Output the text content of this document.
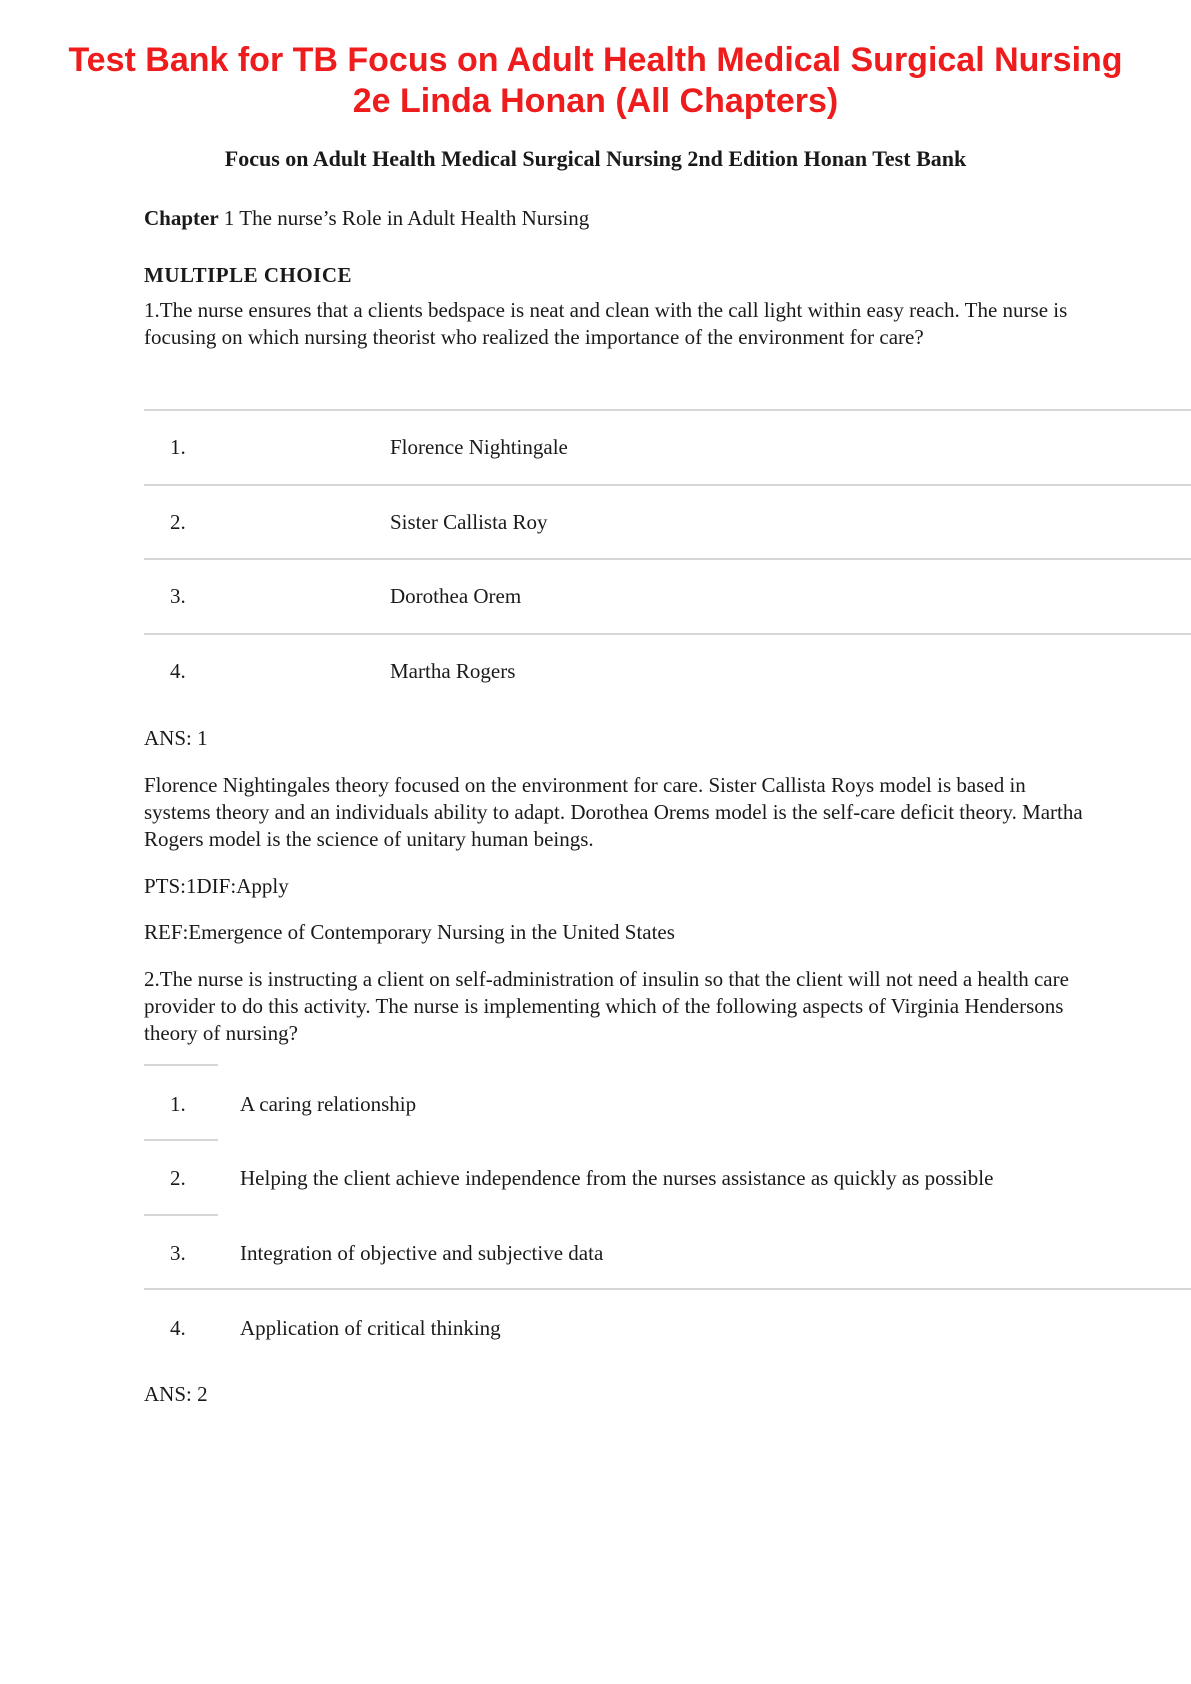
Test Bank for TB Focus on Adult Health Medical Surgical Nursing 2e Linda Honan (All Chapters)

Focus on Adult Health Medical Surgical Nursing 2nd Edition Honan Test Bank

Chapter 1 The nurse’s Role in Adult Health Nursing

MULTIPLE CHOICE

1.The nurse ensures that a clients bedspace is neat and clean with the call light within easy reach. The nurse is focusing on which nursing theorist who realized the importance of the environment for care?

1.	Florence Nightingale
2.	Sister Callista Roy
3.	Dorothea Orem
4.	Martha Rogers

ANS: 1

Florence Nightingales theory focused on the environment for care. Sister Callista Roys model is based in systems theory and an individuals ability to adapt. Dorothea Orems model is the self-care deficit theory. Martha Rogers model is the science of unitary human beings.

PTS:1DIF:Apply

REF:Emergence of Contemporary Nursing in the United States

2.The nurse is instructing a client on self-administration of insulin so that the client will not need a health care provider to do this activity. The nurse is implementing which of the following aspects of Virginia Hendersons theory of nursing?

1.	A caring relationship
2.	Helping the client achieve independence from the nurses assistance as quickly as possible
3.	Integration of objective and subjective data
4.	Application of critical thinking

ANS: 2
